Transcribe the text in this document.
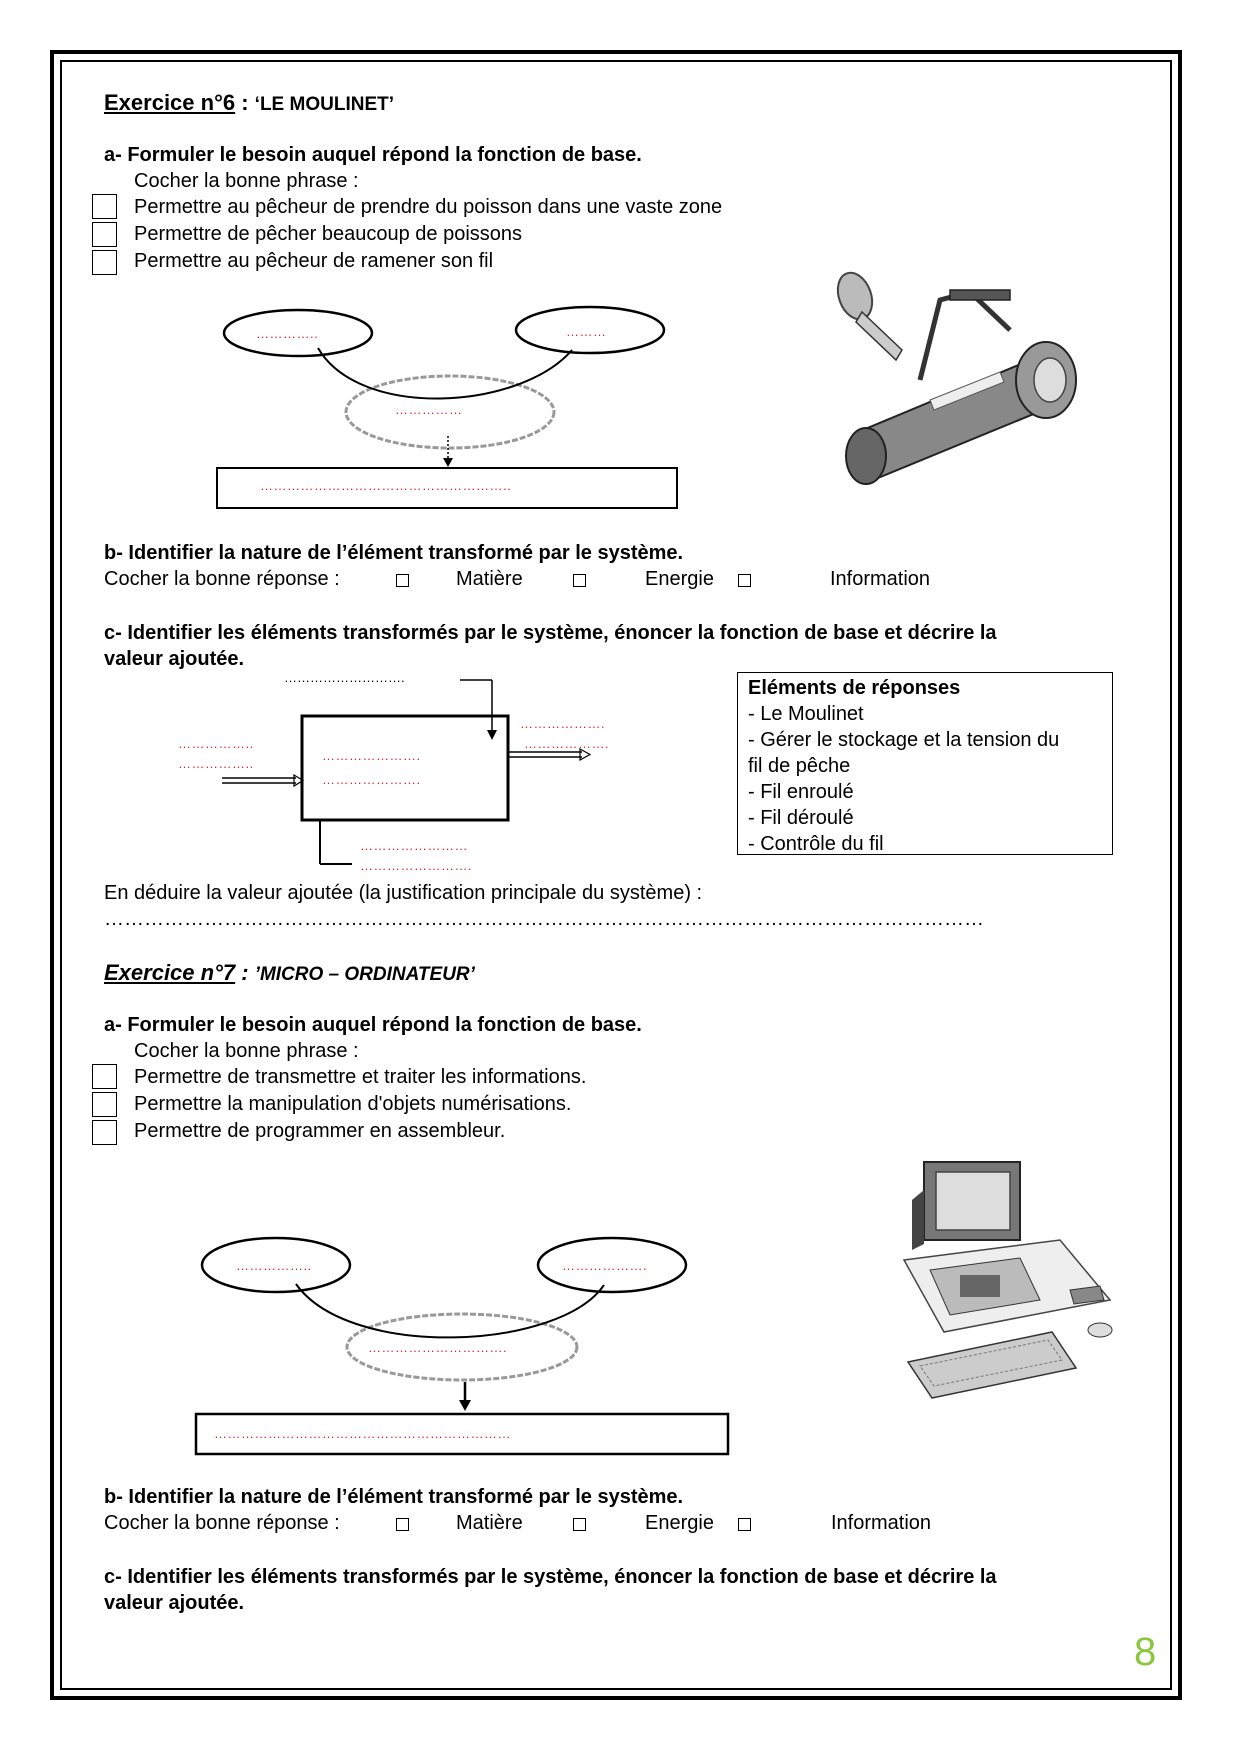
Exercice n°6 : ‘LE MOULINET’
a- Formuler le besoin auquel répond la fonction de base.
Cocher la bonne phrase :
Permettre au pêcheur de prendre du poisson dans une vaste zone
Permettre de pêcher beaucoup de poissons
Permettre au pêcheur de ramener son fil
…………..	………
……………
………………………………………………..
b- Identifier la nature de l’élément transformé par le système.
Cocher la bonne réponse :	Matière	Energie	Information
c- Identifier les éléments transformés par le système, énoncer la fonction de base et décrire la
valeur ajoutée.
……………………….
……………..
……………..
………………….
………………….
……………….
……………….
……………………
…………………….
Eléments de réponses
- Le Moulinet
- Gérer le stockage et la tension du
fil de pêche
- Fil enroulé
- Fil déroulé
- Contrôle du fil
En déduire la valeur ajoutée (la justification principale du système) :
……………………………………………………………………………………………………………………
Exercice n°7 : ’MICRO – ORDINATEUR’
a- Formuler le besoin auquel répond la fonction de base.
Cocher la bonne phrase :
Permettre de transmettre et traiter les informations.
Permettre la manipulation d'objets numérisations.
Permettre de programmer en assembleur.
……………..	……………….
………………………….
…………………………………………………………
b- Identifier la nature de l’élément transformé par le système.
Cocher la bonne réponse :	Matière	Energie	Information
c- Identifier les éléments transformés par le système, énoncer la fonction de base et décrire la
valeur ajoutée.
8
